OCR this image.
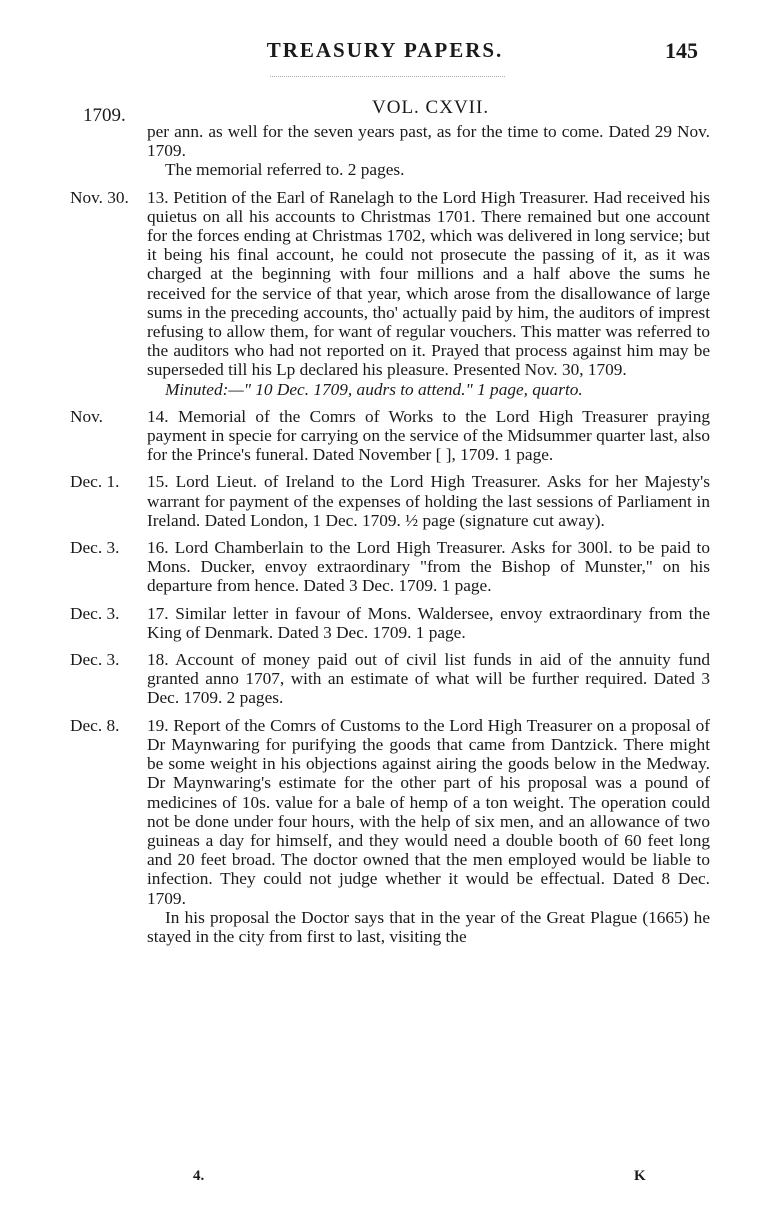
TREASURY PAPERS.	145
1709.	VOL. CXVII.
per ann. as well for the seven years past, as for the time to come. Dated 29 Nov. 1709.
The memorial referred to. 2 pages.
Nov. 30.	13. Petition of the Earl of Ranelagh to the Lord High Treasurer. Had received his quietus on all his accounts to Christmas 1701. There remained but one account for the forces ending at Christmas 1702, which was delivered in long service; but it being his final account, he could not prosecute the passing of it, as it was charged at the beginning with four millions and a half above the sums he received for the service of that year, which arose from the disallowance of large sums in the preceding accounts, tho' actually paid by him, the auditors of imprest refusing to allow them, for want of regular vouchers. This matter was referred to the auditors who had not reported on it. Prayed that process against him may be superseded till his Lp declared his pleasure. Presented Nov. 30, 1709.
Minuted:—" 10 Dec. 1709, audrs to attend." 1 page, quarto.
Nov.	14. Memorial of the Comrs of Works to the Lord High Treasurer praying payment in specie for carrying on the service of the Midsummer quarter last, also for the Prince's funeral. Dated November [ ], 1709. 1 page.
Dec. 1.	15. Lord Lieut. of Ireland to the Lord High Treasurer. Asks for her Majesty's warrant for payment of the expenses of holding the last sessions of Parliament in Ireland. Dated London, 1 Dec. 1709. ½ page (signature cut away).
Dec. 3.	16. Lord Chamberlain to the Lord High Treasurer. Asks for 300l. to be paid to Mons. Ducker, envoy extraordinary "from the Bishop of Munster," on his departure from hence. Dated 3 Dec. 1709. 1 page.
Dec. 3.	17. Similar letter in favour of Mons. Waldersee, envoy extraordinary from the King of Denmark. Dated 3 Dec. 1709. 1 page.
Dec. 3.	18. Account of money paid out of civil list funds in aid of the annuity fund granted anno 1707, with an estimate of what will be further required. Dated 3 Dec. 1709. 2 pages.
Dec. 8.	19. Report of the Comrs of Customs to the Lord High Treasurer on a proposal of Dr Maynwaring for purifying the goods that came from Dantzick. There might be some weight in his objections against airing the goods below in the Medway. Dr Maynwaring's estimate for the other part of his proposal was a pound of medicines of 10s. value for a bale of hemp of a ton weight. The operation could not be done under four hours, with the help of six men, and an allowance of two guineas a day for himself, and they would need a double booth of 60 feet long and 20 feet broad. The doctor owned that the men employed would be liable to infection. They could not judge whether it would be effectual. Dated 8 Dec. 1709.
In his proposal the Doctor says that in the year of the Great Plague (1665) he stayed in the city from first to last, visiting the
4.	K
